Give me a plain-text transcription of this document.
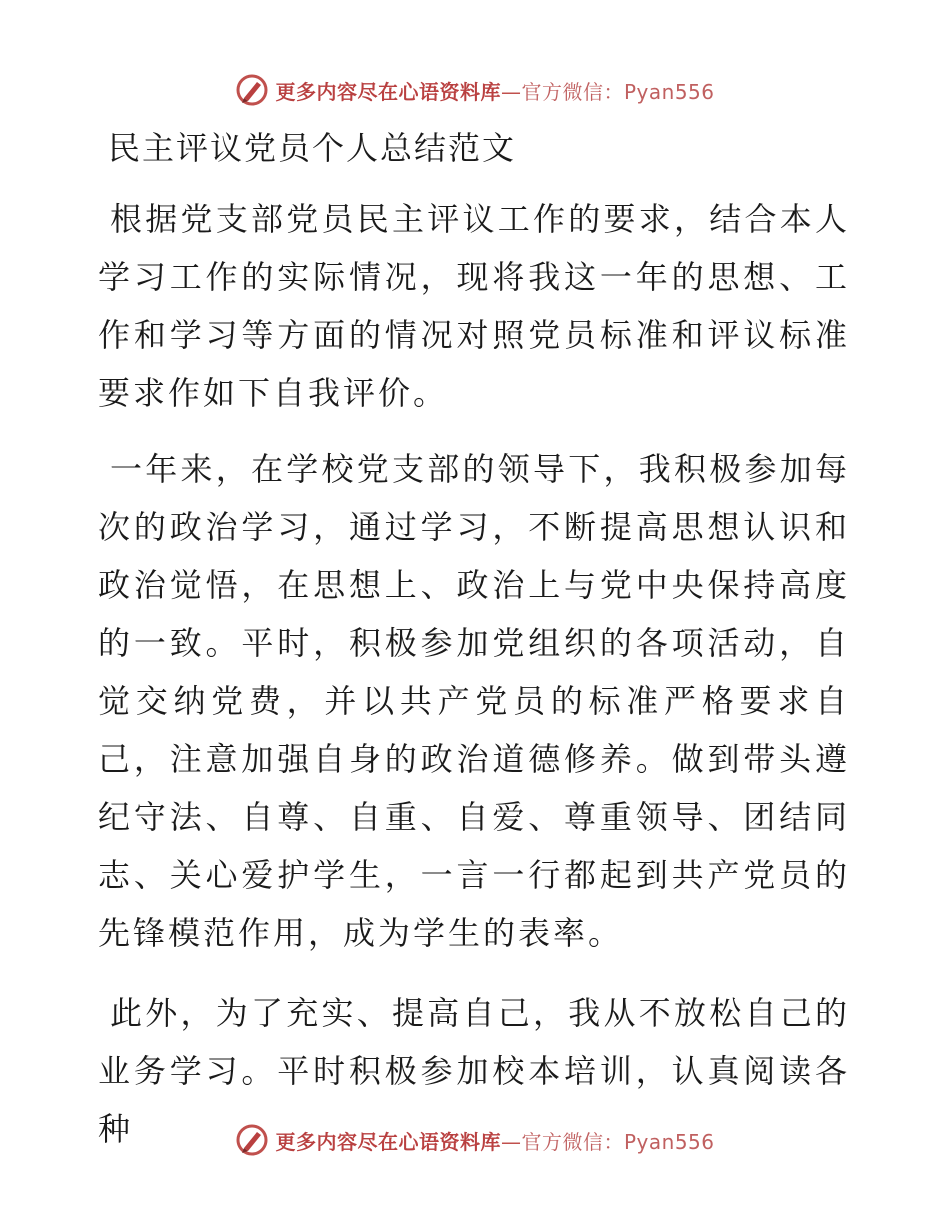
更多内容尽在心语资料库—官方微信：Pyan556
民主评议党员个人总结范文

根据党支部党员民主评议工作的要求，结合本人学习工作的实际情况，现将我这一年的思想、工作和学习等方面的情况对照党员标准和评议标准要求作如下自我评价。

一年来，在学校党支部的领导下，我积极参加每次的政治学习，通过学习，不断提高思想认识和政治觉悟，在思想上、政治上与党中央保持高度的一致。平时，积极参加党组织的各项活动，自觉交纳党费，并以共产党员的标准严格要求自己，注意加强自身的政治道德修养。做到带头遵纪守法、自尊、自重、自爱、尊重领导、团结同志、关心爱护学生，一言一行都起到共产党员的先锋模范作用，成为学生的表率。

此外，为了充实、提高自己，我从不放松自己的业务学习。平时积极参加校本培训，认真阅读各种	更多内容尽在心语资料库—官方微信：Pyan556
